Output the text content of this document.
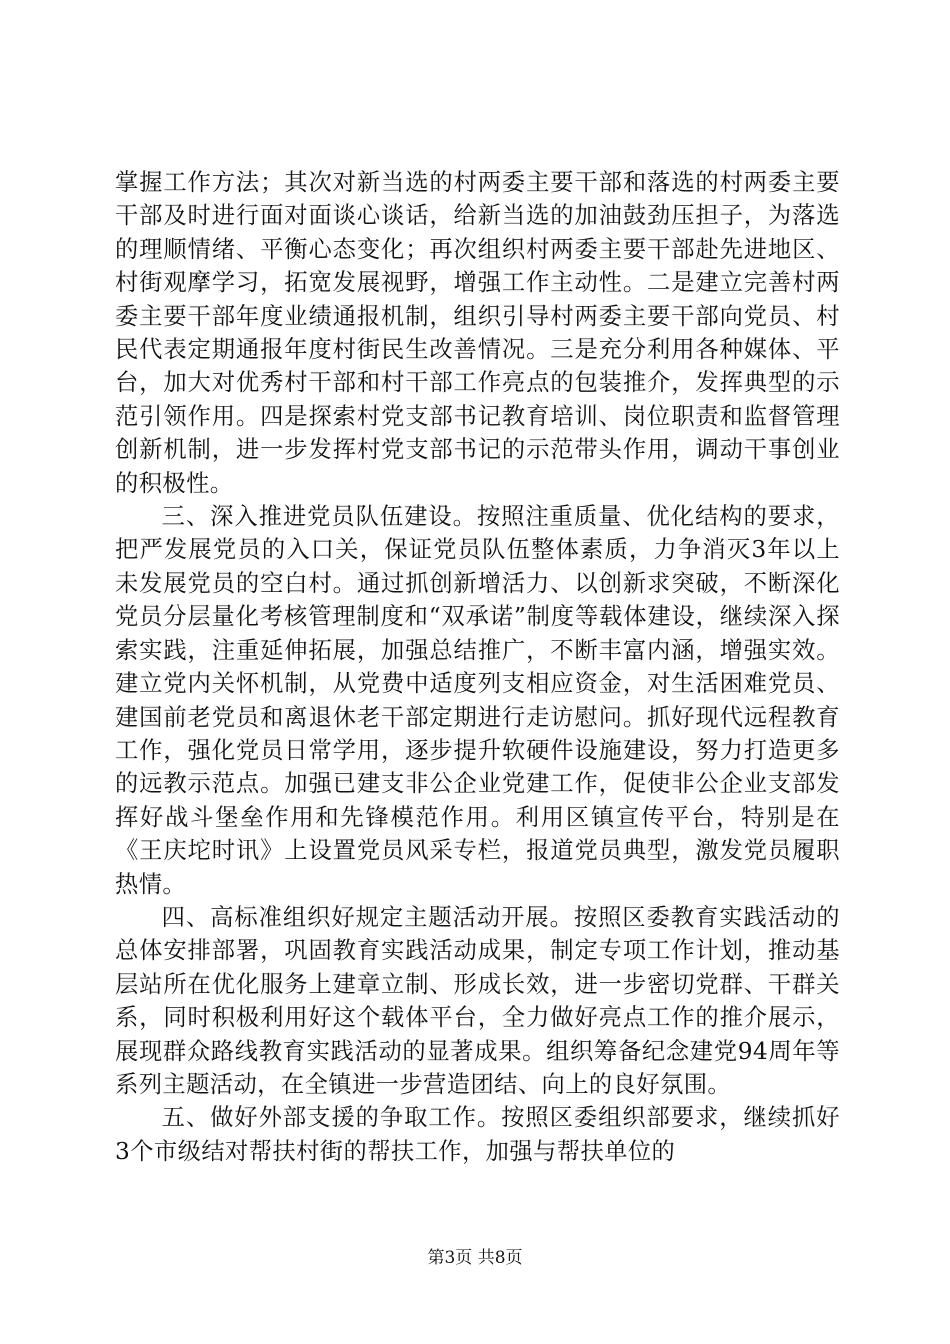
掌握工作方法；其次对新当选的村两委主要干部和落选的村两委主要干部及时进行面对面谈心谈话，给新当选的加油鼓劲压担子，为落选的理顺情绪、平衡心态变化；再次组织村两委主要干部赴先进地区、村街观摩学习，拓宽发展视野，增强工作主动性。二是建立完善村两委主要干部年度业绩通报机制，组织引导村两委主要干部向党员、村民代表定期通报年度村街民生改善情况。三是充分利用各种媒体、平台，加大对优秀村干部和村干部工作亮点的包装推介，发挥典型的示范引领作用。四是探索村党支部书记教育培训、岗位职责和监督管理创新机制，进一步发挥村党支部书记的示范带头作用，调动干事创业的积极性。

三、深入推进党员队伍建设。按照注重质量、优化结构的要求，把严发展党员的入口关，保证党员队伍整体素质，力争消灭3年以上未发展党员的空白村。通过抓创新增活力、以创新求突破，不断深化党员分层量化考核管理制度和“双承诺”制度等载体建设，继续深入探索实践，注重延伸拓展，加强总结推广，不断丰富内涵，增强实效。建立党内关怀机制，从党费中适度列支相应资金，对生活困难党员、建国前老党员和离退休老干部定期进行走访慰问。抓好现代远程教育工作，强化党员日常学用，逐步提升软硬件设施建设，努力打造更多的远教示范点。加强已建支非公企业党建工作，促使非公企业支部发挥好战斗堡垒作用和先锋模范作用。利用区镇宣传平台，特别是在《王庆坨时讯》上设置党员风采专栏，报道党员典型，激发党员履职热情。

四、高标准组织好规定主题活动开展。按照区委教育实践活动的总体安排部署，巩固教育实践活动成果，制定专项工作计划，推动基层站所在优化服务上建章立制、形成长效，进一步密切党群、干群关系，同时积极利用好这个载体平台，全力做好亮点工作的推介展示，展现群众路线教育实践活动的显著成果。组织筹备纪念建党94周年等系列主题活动，在全镇进一步营造团结、向上的良好氛围。

五、做好外部支援的争取工作。按照区委组织部要求，继续抓好3个市级结对帮扶村街的帮扶工作，加强与帮扶单位的

第3页 共8页
